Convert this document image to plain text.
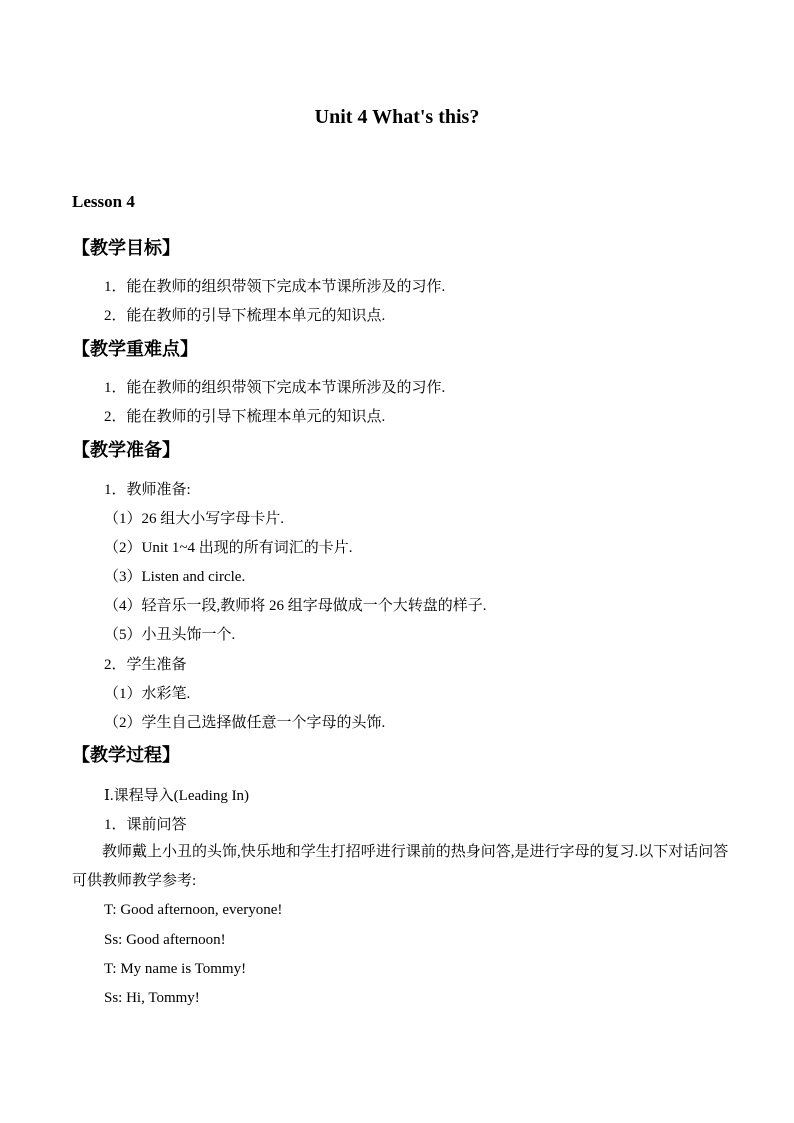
Unit 4 What's this?
Lesson 4
【教学目标】
1．能在教师的组织带领下完成本节课所涉及的习作.
2．能在教师的引导下梳理本单元的知识点.
【教学重难点】
1．能在教师的组织带领下完成本节课所涉及的习作.
2．能在教师的引导下梳理本单元的知识点.
【教学准备】
1．教师准备:
（1）26 组大小写字母卡片.
（2）Unit 1~4 出现的所有词汇的卡片.
（3）Listen and circle.
（4）轻音乐一段,教师将 26 组字母做成一个大转盘的样子.
（5）小丑头饰一个.
2．学生准备
（1）水彩笔.
（2）学生自己选择做任意一个字母的头饰.
【教学过程】
Ⅰ.课程导入(Leading In)
1．课前问答
教师戴上小丑的头饰,快乐地和学生打招呼进行课前的热身问答,是进行字母的复习.以下对话问答可供教师教学参考:
T: Good afternoon, everyone!
Ss: Good afternoon!
T: My name is Tommy!
Ss: Hi, Tommy!
